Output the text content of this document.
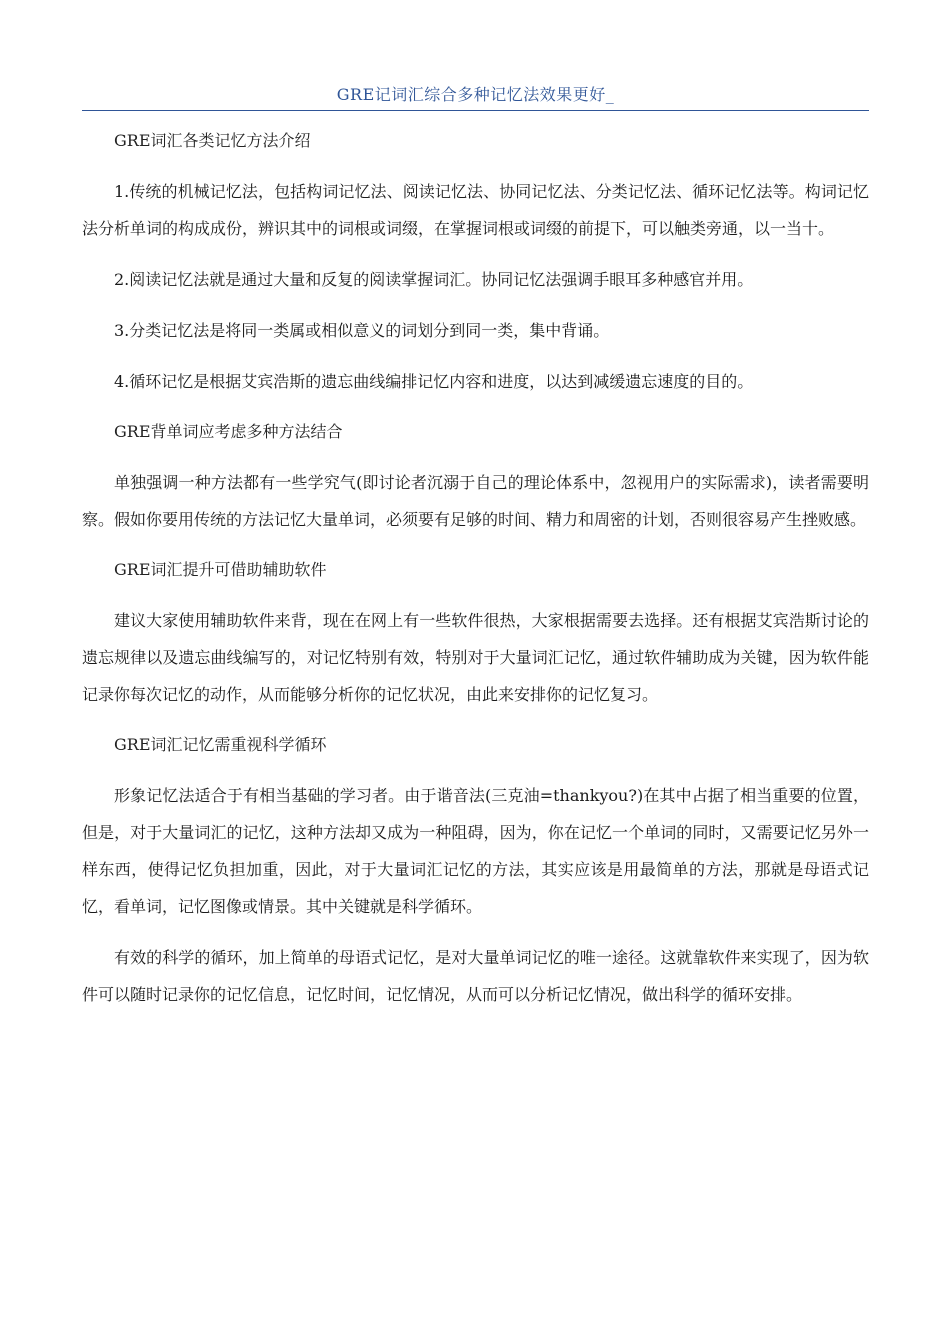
GRE记词汇综合多种记忆法效果更好_
GRE词汇各类记忆方法介绍

1.传统的机械记忆法，包括构词记忆法、阅读记忆法、协同记忆法、分类记忆法、循环记忆法等。构词记忆法分析单词的构成成份，辨识其中的词根或词缀，在掌握词根或词缀的前提下，可以触类旁通，以一当十。

2.阅读记忆法就是通过大量和反复的阅读掌握词汇。协同记忆法强调手眼耳多种感官并用。

3.分类记忆法是将同一类属或相似意义的词划分到同一类，集中背诵。

4.循环记忆是根据艾宾浩斯的遗忘曲线编排记忆内容和进度，以达到减缓遗忘速度的目的。

GRE背单词应考虑多种方法结合

单独强调一种方法都有一些学究气(即讨论者沉溺于自己的理论体系中，忽视用户的实际需求)，读者需要明察。假如你要用传统的方法记忆大量单词，必须要有足够的时间、精力和周密的计划，否则很容易产生挫败感。

GRE词汇提升可借助辅助软件

建议大家使用辅助软件来背，现在在网上有一些软件很热，大家根据需要去选择。还有根据艾宾浩斯讨论的遗忘规律以及遗忘曲线编写的，对记忆特别有效，特别对于大量词汇记忆，通过软件辅助成为关键，因为软件能记录你每次记忆的动作，从而能够分析你的记忆状况，由此来安排你的记忆复习。

GRE词汇记忆需重视科学循环

形象记忆法适合于有相当基础的学习者。由于谐音法(三克油=thankyou?)在其中占据了相当重要的位置，但是，对于大量词汇的记忆，这种方法却又成为一种阻碍，因为，你在记忆一个单词的同时，又需要记忆另外一样东西，使得记忆负担加重，因此，对于大量词汇记忆的方法，其实应该是用最简单的方法，那就是母语式记忆，看单词，记忆图像或情景。其中关键就是科学循环。

有效的科学的循环，加上简单的母语式记忆，是对大量单词记忆的唯一途径。这就靠软件来实现了，因为软件可以随时记录你的记忆信息，记忆时间，记忆情况，从而可以分析记忆情况，做出科学的循环安排。
